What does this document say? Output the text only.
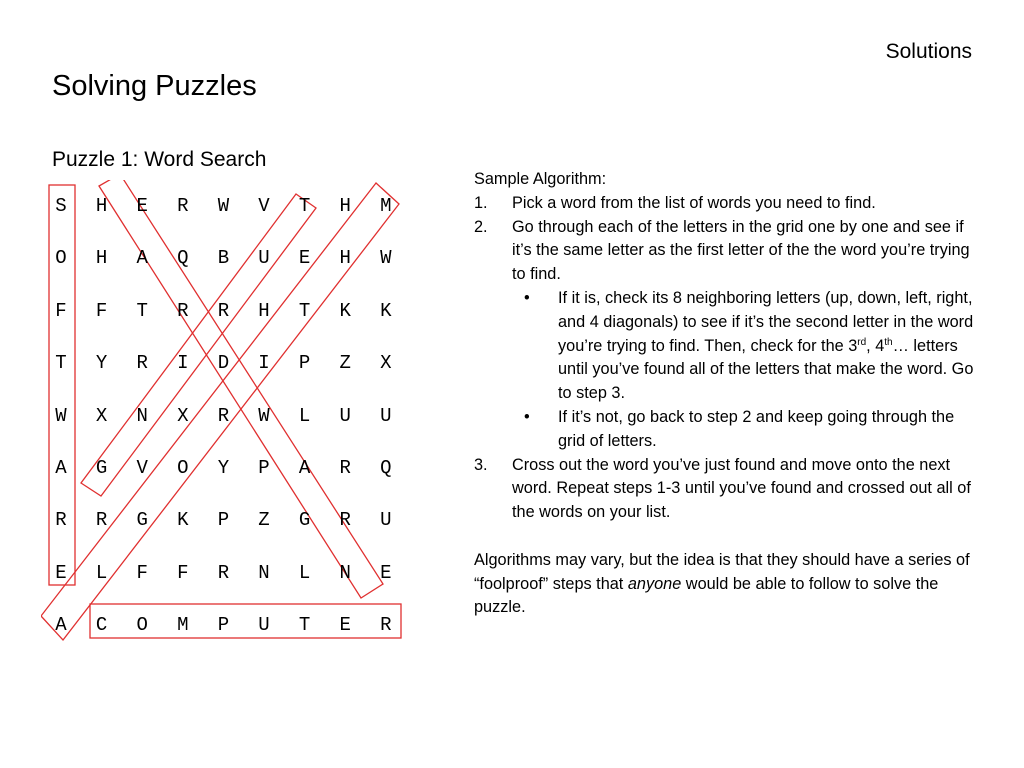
Solutions
Solving Puzzles
Puzzle 1: Word Search
S	H	E	R	W	V	T	H	M
O	H	A	Q	B	U	E	H	W
F	F	T	R	R	H	T	K	K
T	Y	R	I	D	I	P	Z	X
W	X	N	X	R	W	L	U	U
A	G	V	O	Y	P	A	R	Q
R	R	G	K	P	Z	G	R	U
E	L	F	F	R	N	L	N	E
A	C	O	M	P	U	T	E	R

Sample Algorithm:

1. Pick a word from the list of words you need to find.
2. Go through each of the letters in the grid one by one and see if it’s the same letter as the first letter of the the word you’re trying to find.
• If it is, check its 8 neighboring letters (up, down, left, right, and 4 diagonals) to see if it’s the second letter in the word you’re trying to find. Then, check for the 3rd, 4th… letters until you’ve found all of the letters that make the word. Go to step 3.
• If it’s not, go back to step 2 and keep going through the grid of letters.
3. Cross out the word you’ve just found and move onto the next word. Repeat steps 1-3 until you’ve found and crossed out all of the words on your list.

Algorithms may vary, but the idea is that they should have a series of “foolproof” steps that anyone would be able to follow to solve the puzzle.
